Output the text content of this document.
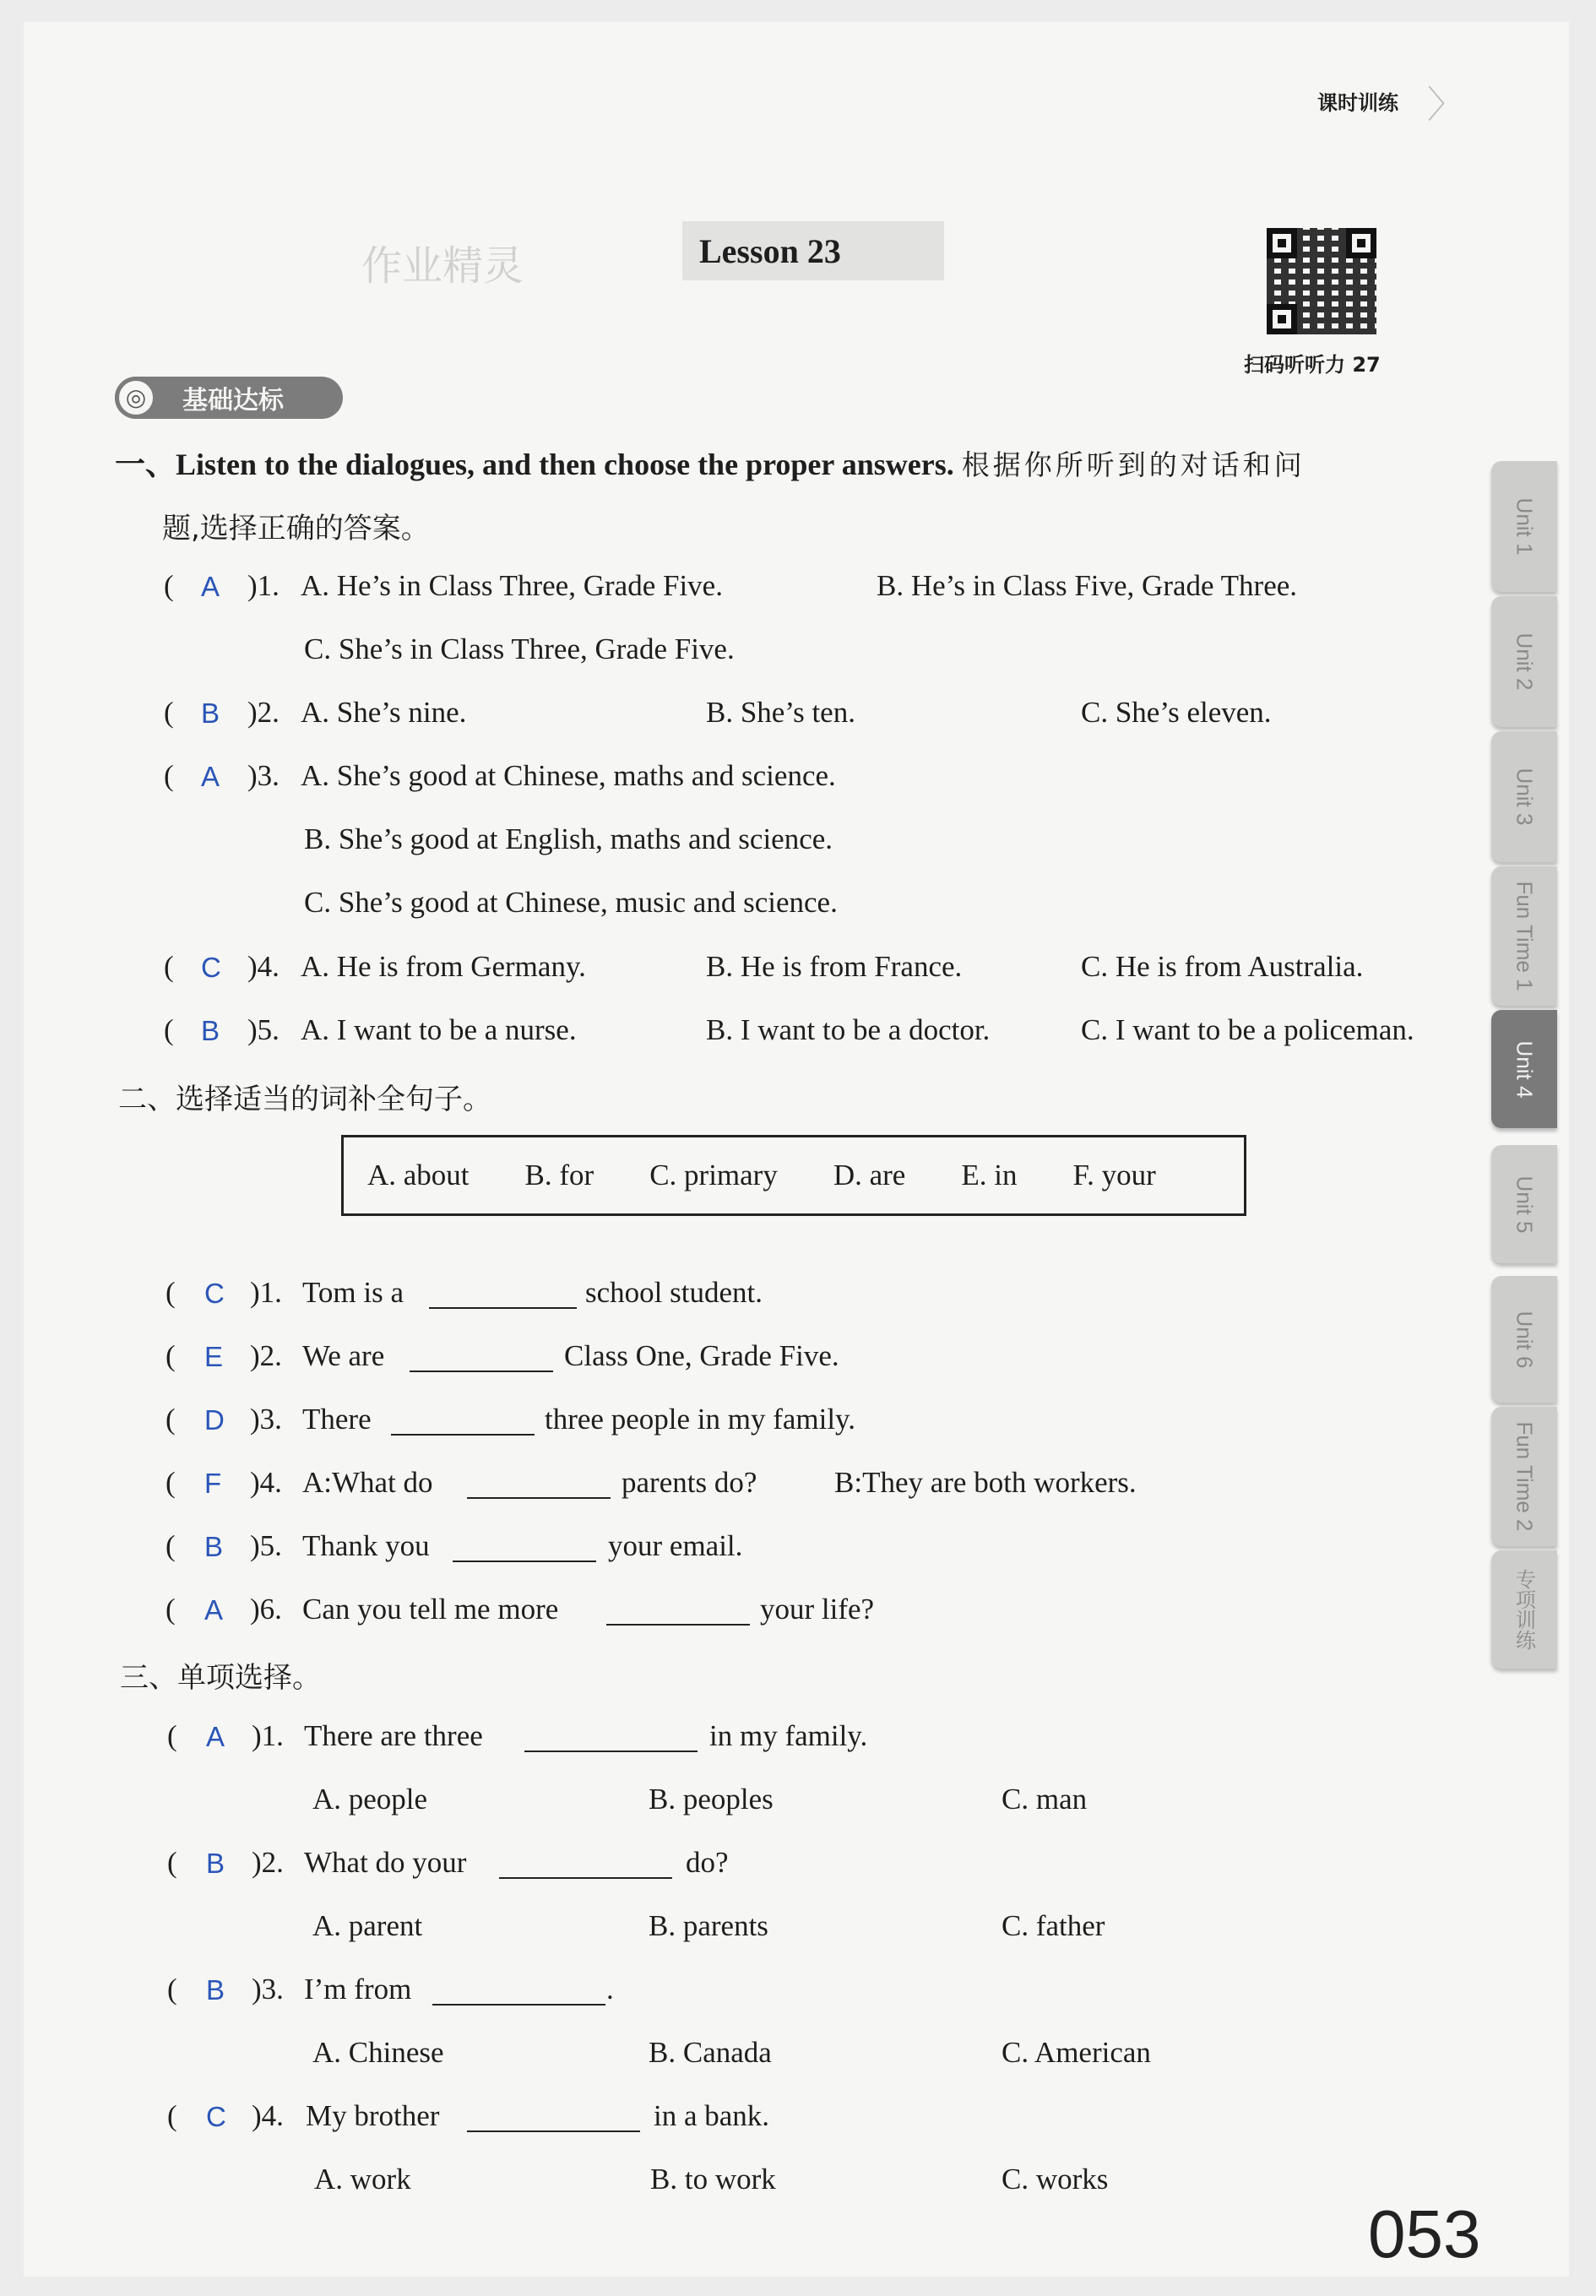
课时训练 〉
作业精灵	Lesson 23
扫码听听力 27
基础达标
◎
一、Listen to the dialogues, and then choose the proper answers. 根据你所听到的对话和问
题,选择正确的答案。
( A )1. A. He’s in Class Three, Grade Five.	B. He’s in Class Five, Grade Three.
C. She’s in Class Three, Grade Five.
( B )2. A. She’s nine.	B. She’s ten.	C. She’s eleven.
( A )3. A. She’s good at Chinese, maths and science.
B. She’s good at English, maths and science.
C. She’s good at Chinese, music and science.
( C )4. A. He is from Germany.	B. He is from France.	C. He is from Australia.
( B )5. A. I want to be a nurse.	B. I want to be a doctor.	C. I want to be a policeman.
二、选择适当的词补全句子。
A. about B. for C. primary D. are E. in F. your
( C )1. Tom is a	school student.
( E )2. We are	Class One, Grade Five.
( D )3. There	three people in my family.
( F )4. A:What do	parents do?	B:They are both workers.
( B )5. Thank you	your email.
( A )6. Can you tell me more	your life?
三、单项选择。
( A )1. There are three	in my family.
A. people	B. peoples	C. man
( B )2. What do your	do?
A. parent	B. parents	C. father
( B )3. I’m from	.
A. Chinese	B. Canada	C. American
( C )4. My brother	in a bank.
A. work	B. to work	C. works
Unit 1
Unit 2
Unit 3
Fun Time 1
Unit 4
Unit 5
Unit 6
Fun Time 2
专项训练
053
